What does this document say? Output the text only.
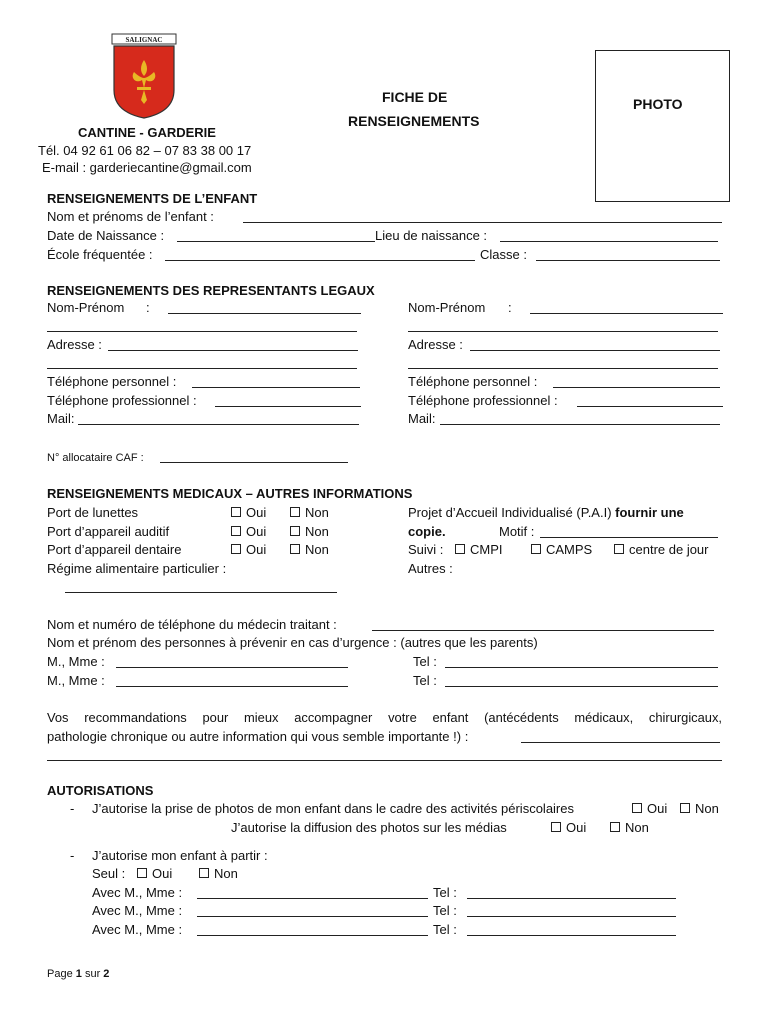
SALIGNAC
CANTINE - GARDERIE
Tél. 04 92 61 06 82 – 07 83 38 00 17
E-mail : garderiecantine@gmail.com
FICHE DE
RENSEIGNEMENTS
PHOTO
RENSEIGNEMENTS DE L’ENFANT
Nom et prénoms de l’enfant :
Date de Naissance :	Lieu de naissance :
École fréquentée :	Classe :
RENSEIGNEMENTS DES REPRESENTANTS LEGAUX
Nom-Prénom :
Adresse :
Téléphone personnel :
Téléphone professionnel :
Mail:
Nom-Prénom :
Adresse :
Téléphone personnel :
Téléphone professionnel :
Mail:
N° allocataire CAF :
RENSEIGNEMENTS MEDICAUX – AUTRES INFORMATIONS
Port de lunettes	Oui	Non
Port d’appareil auditif	Oui	Non
Port d’appareil dentaire	Oui	Non
Régime alimentaire particulier :
Projet d’Accueil Individualisé (P.A.I) fournir une
copie.	Motif :
Suivi :	CMPI	CAMPS	centre de jour
Autres :
Nom et numéro de téléphone du médecin traitant :
Nom et prénom des personnes à prévenir en cas d’urgence : (autres que les parents)
M., Mme :	Tel :
M., Mme :	Tel :
Vos recommandations pour mieux accompagner votre enfant (antécédents médicaux, chirurgicaux,
pathologie chronique ou autre information qui vous semble importante !) :
AUTORISATIONS
- J’autorise la prise de photos de mon enfant dans le cadre des activités périscolaires	Oui	Non
J’autorise la diffusion des photos sur les médias	Oui	Non
- J’autorise mon enfant à partir :
Seul :	Oui	Non
Avec M., Mme :	Tel :
Avec M., Mme :	Tel :
Avec M., Mme :	Tel :
Page 1 sur 2
